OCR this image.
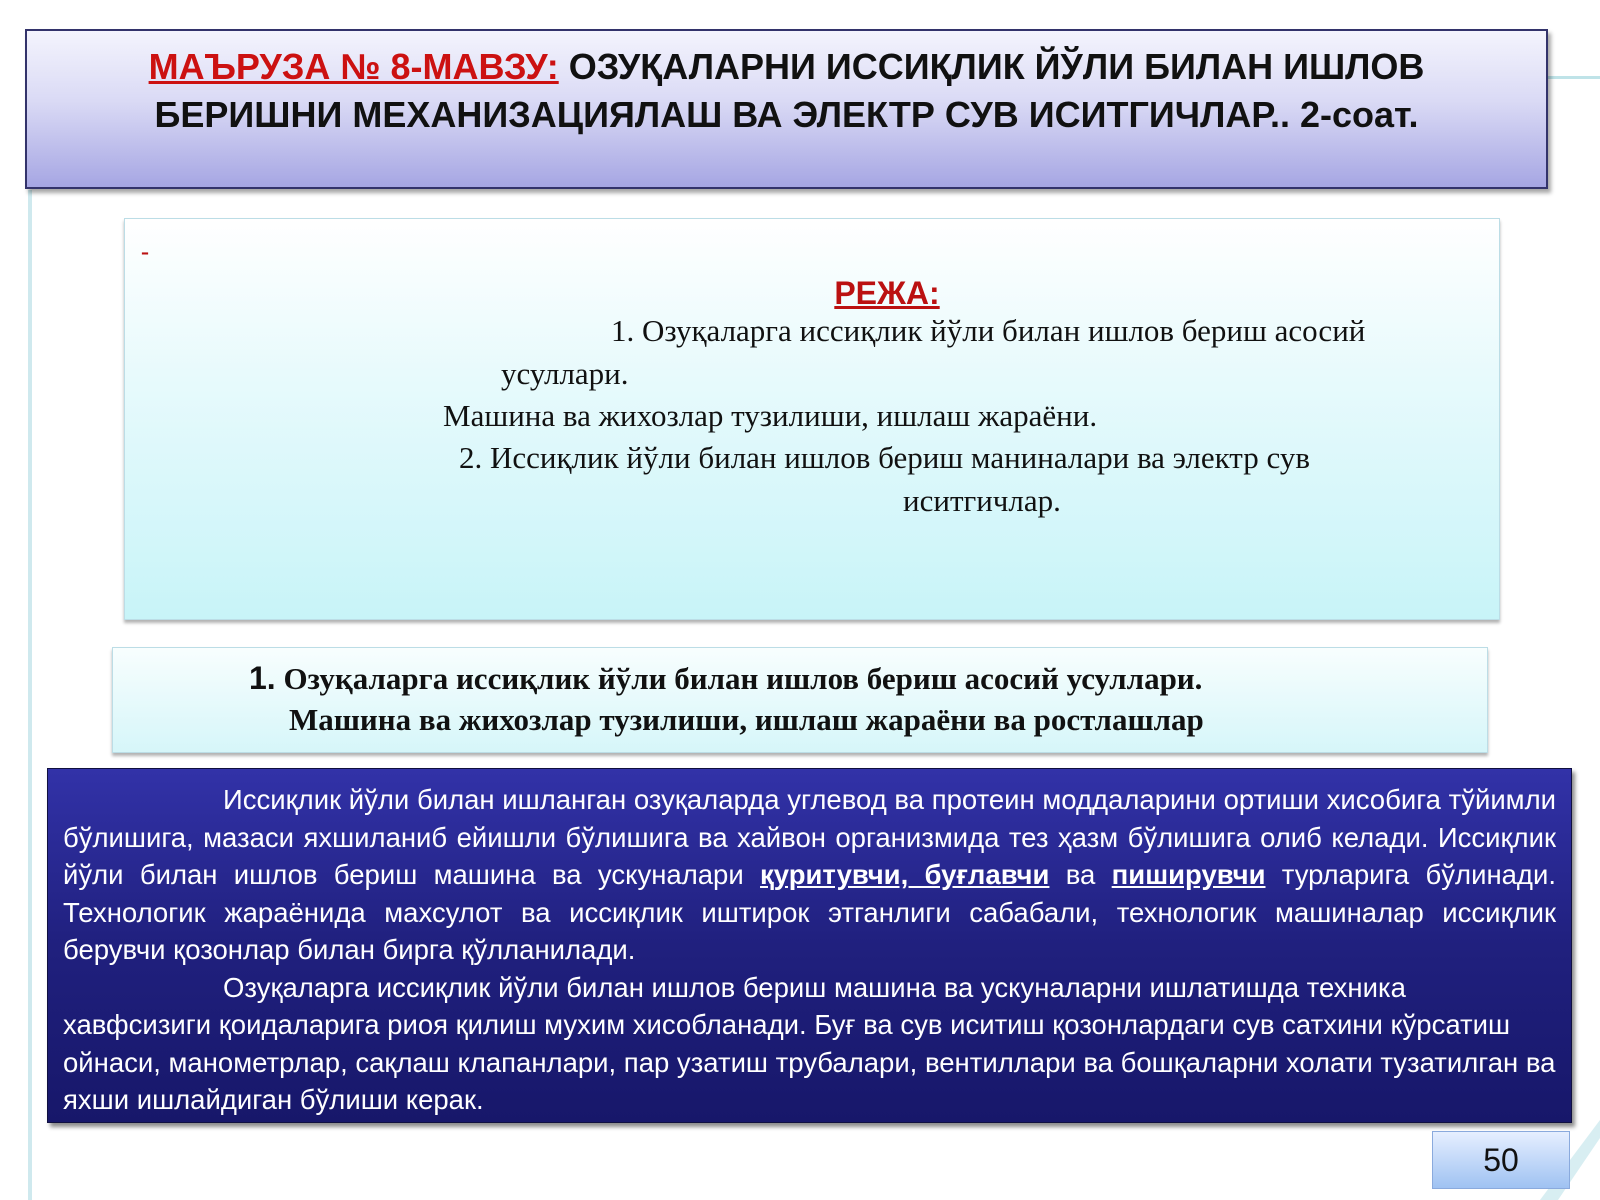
МАЪРУЗА № 8-МАВЗУ: ОЗУҚАЛАРНИ ИССИҚЛИК ЙЎЛИ БИЛАН ИШЛОВ
БЕРИШНИ МЕХАНИЗАЦИЯЛАШ ВА ЭЛЕКТР СУВ ИСИТГИЧЛАР.. 2-соат.
-
РЕЖА:
1. Озуқаларга иссиқлик йўли билан ишлов бериш асосий
усуллари.
Машина ва жихозлар тузилиши, ишлаш жараёни.
2. Иссиқлик йўли билан ишлов бериш маниналари ва электр сув
иситгичлар.
1. Озуқаларга иссиқлик йўли билан ишлов бериш асосий усуллари.
Машина ва жихозлар тузилиши, ишлаш жараёни ва ростлашлар

Иссиқлик йўли билан ишланган озуқаларда углевод ва протеин моддаларини ортиши хисобига тўйимли бўлишига, мазаси яхшиланиб ейишли бўлишига ва хайвон организмида тез ҳазм бўлишига олиб келади. Иссиқлик йўли билан ишлов бериш машина ва ускуналари қуритувчи, буғлавчи ва пиширувчи турларига бўлинади. Технологик жараёнида махсулот ва иссиқлик иштирок этганлиги сабабали, технологик машиналар иссиқлик берувчи қозонлар билан бирга қўлланилади.

Озуқаларга иссиқлик йўли билан ишлов бериш машина ва ускуналарни ишлатишда техника хавфсизиги қоидаларига риоя қилиш мухим хисобланади. Буғ ва сув иситиш қозонлардаги сув сатхини кўрсатиш ойнаси, манометрлар, сақлаш клапанлари, пар узатиш трубалари, вентиллари ва бошқаларни холати тузатилган ва яхши ишлайдиган бўлиши керак.

50
